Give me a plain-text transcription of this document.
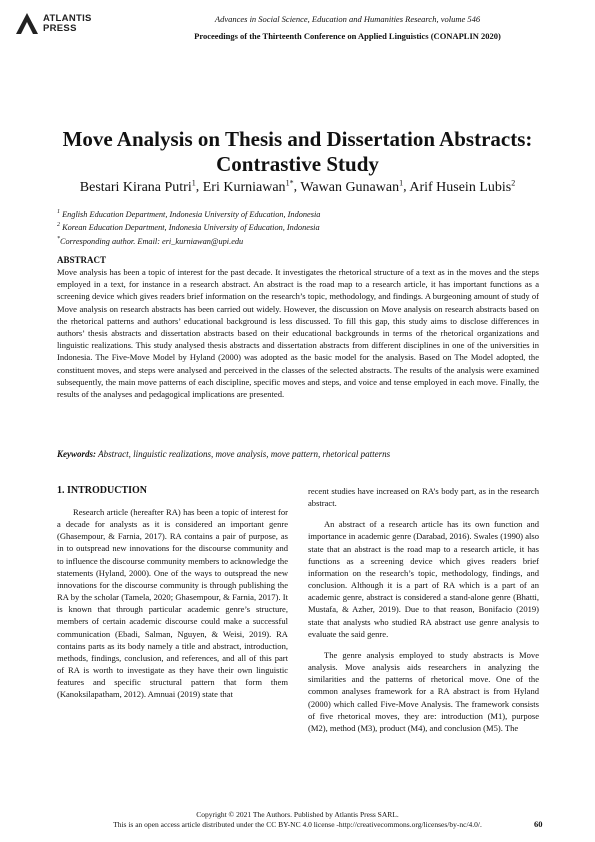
ATLANTIS
PRESS
Advances in Social Science, Education and Humanities Research, volume 546
Proceedings of the Thirteenth Conference on Applied Linguistics (CONAPLIN 2020)
Move Analysis on Thesis and Dissertation Abstracts:
Contrastive Study
Bestari Kirana Putri$^1$, Eri Kurniawan$^{1*}$, Wawan Gunawan$^1$, Arif Husein Lubis$^2$
$^1$ English Education Department, Indonesia University of Education, Indonesia
$^2$ Korean Education Department, Indonesia University of Education, Indonesia
*Corresponding author. Email: eri_kurniawan@upi.edu
ABSTRACT
Move analysis has been a topic of interest for the past decade. It investigates the rhetorical structure of a text as in the moves and the steps employed in a text, for instance in a research abstract. An abstract is the road map to a research article, it has important functions as a screening device which gives readers brief information on the research’s topic, methodology, and findings. A burgeoning amount of study of Move analysis on research abstracts has been carried out widely. However, the discussion on Move analysis on research abstracts based on the rhetorical patterns and authors’ educational background is less discussed. To fill this gap, this study aims to disclose differences in authors’ thesis abstracts and dissertation abstracts based on their educational backgrounds in terms of the rhetorical organizations and linguistic realizations. This study analysed thesis abstracts and dissertation abstracts from different disciplines in one of the universities in Indonesia. The Five-Move Model by Hyland (2000) was adopted as the basic model for the analysis. Based on The Model adopted, the constituent moves, and steps were analysed and perceived in the classes of the selected abstracts. The results of the analysis were examined subsequently, the main move patterns of each discipline, specific moves and steps, and voice and tense employed in each move. Finally, the results of the analyses and pedagogical implications are presented.
Keywords: Abstract, linguistic realizations, move analysis, move pattern, rhetorical patterns
1. INTRODUCTION

Research article (hereafter RA) has been a topic of interest for a decade for analysts as it is considered an important genre (Ghasempour, & Farnia, 2017). RA contains a pair of purpose, as in to outspread new innovations for the discourse community and to influence the discourse community members to acknowledge the statements (Hyland, 2000). One of the ways to outspread the new innovations for the discourse community is through publishing the RA by the scholar (Tamela, 2020; Ghasempour, & Farnia, 2017). It is known that through particular academic genre’s structure, members of certain academic discourse could make a successful communication (Ebadi, Salman, Nguyen, & Weisi, 2019). RA contains parts as its body namely a title and abstract, introduction, methods, findings, conclusion, and references, and all of this part of RA is worth to investigate as they have their own linguistic features and specific structural pattern that form them (Kanoksilapatham, 2012). Amnuai (2019) state that

recent studies have increased on RA’s body part, as in the research abstract.

An abstract of a research article has its own function and importance in academic genre (Darabad, 2016). Swales (1990) also state that an abstract is the road map to a research article, it has functions as a screening device which gives readers brief information on the research’s topic, methodology, findings, and conclusion. Although it is a part of RA which is a part of an academic genre, abstract is considered a stand-alone genre (Bhatti, Mustafa, & Azher, 2019). Due to that reason, Bonifacio (2019) state that analysts who studied RA abstract use genre analysis to evaluate the said genre.

The genre analysis employed to study abstracts is Move analysis. Move analysis aids researchers in analyzing the similarities and the patterns of rhetorical move. One of the common analyses framework for a RA abstract is from Hyland (2000) which called Five-Move Analysis. The framework consists of five rhetorical moves, they are: introduction (M1), purpose (M2), method (M3), product (M4), and conclusion (M5). The

Copyright © 2021 The Authors. Published by Atlantis Press SARL.
This is an open access article distributed under the CC BY-NC 4.0 license -http://creativecommons.org/licenses/by-nc/4.0/.	60
